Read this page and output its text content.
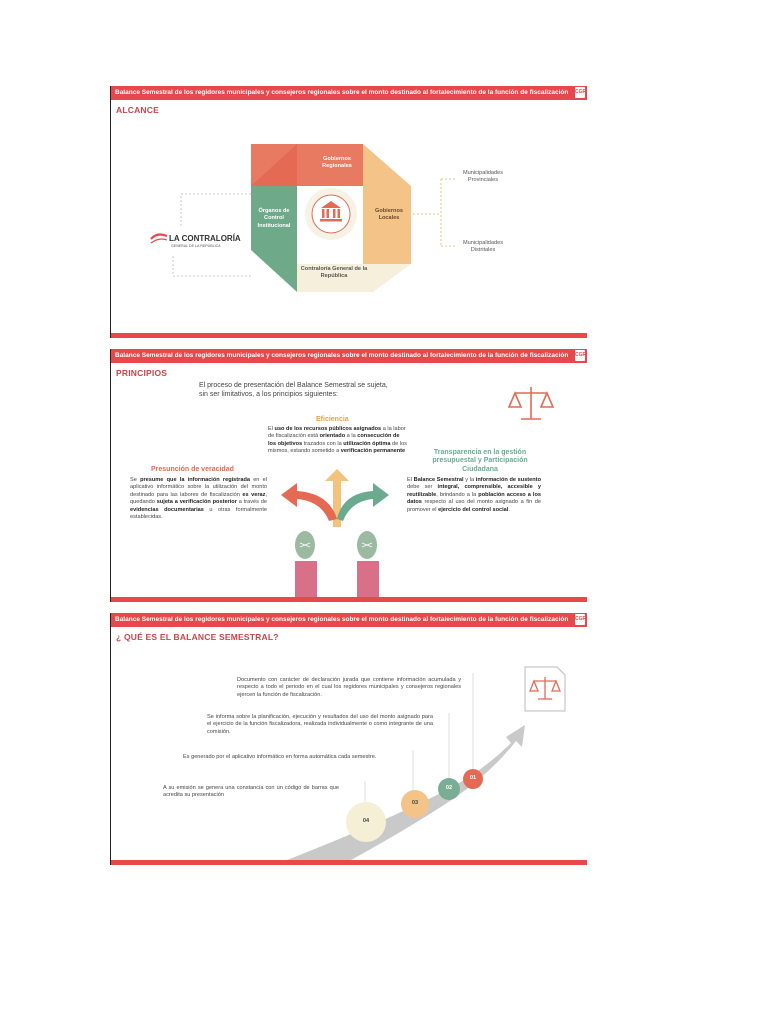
Balance Semestral de los regidores municipales y consejeros regionales sobre el monto destinado al fortalecimiento de la función de fiscalización CGR
ALCANCE
Gobiernos Regionales
Gobiernos Locales
Contraloría General de la República
Órganos de Control Institucional
LA CONTRALORÍA
GENERAL DE LA REPÚBLICA
Municipalidades Provinciales
Municipalidades Distritales
Balance Semestral de los regidores municipales y consejeros regionales sobre el monto destinado al fortalecimiento de la función de fiscalización CGR
PRINCIPIOS
El proceso de presentación del Balance Semestral se sujeta, sin ser limitativos, a los principios siguientes:
Eficiencia
El uso de los recursos públicos asignados a la labor de fiscalización está orientado a la consecución de los objetivos trazados con la utilización óptima de los mismos, estando sometido a verificación permanente
Presunción de veracidad
Se presume que la información registrada en el aplicativo informático sobre la utilización del monto destinado para las labores de fiscalización es veraz, quedando sujeta a verificación posterior a través de evidencias documentarias u otras formalmente establecidas.
Transparencia en la gestión presupuestal y Participación Ciudadana
El Balance Semestral y la información de sustento debe ser integral, comprensible, accesible y reutilizable, brindando a la población acceso a los datos respecto al uso del monto asignado a fin de promover el ejercicio del control social.
Balance Semestral de los regidores municipales y consejeros regionales sobre el monto destinado al fortalecimiento de la función de fiscalización CGR
¿ QUÉ ES EL BALANCE SEMESTRAL?
01
02
03
04
Documento con carácter de declaración jurada que contiene información acumulada y respecto a todo el periodo en el cual los regidores municipales y consejeros regionales ejercen la función de fiscalización.
Se informa sobre la planificación, ejecución y resultados del uso del monto asignado para el ejercicio de la función fiscalizadora, realizada individualmente o como integrante de una comisión.
Es generado por el aplicativo informático en forma automática cada semestre.
A su emisión se genera una constancia con un código de barras que acredita su presentación
